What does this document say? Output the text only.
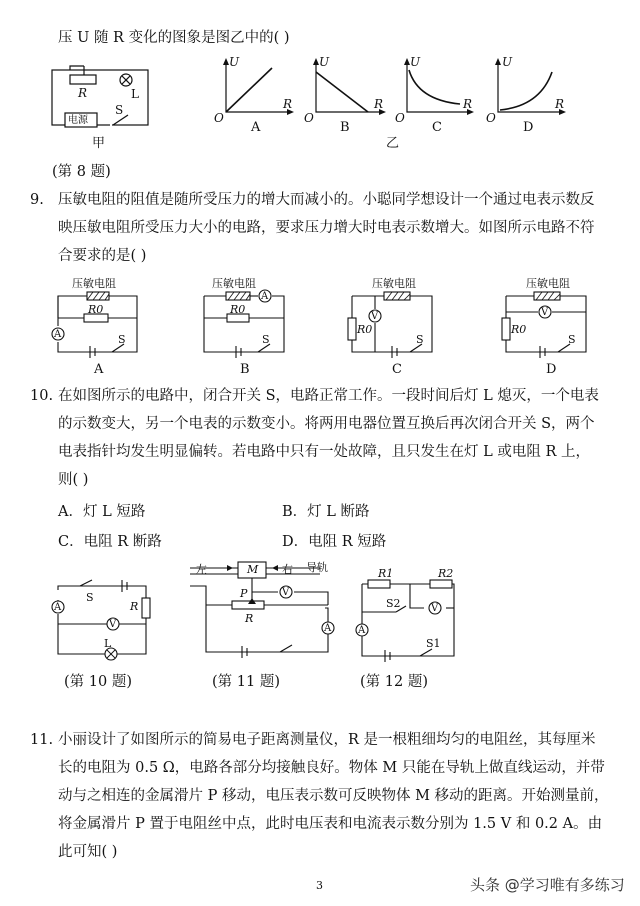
压 U 随 R 变化的图象是图乙中的( )
R	L
S
电源
甲
U
R
O
A
U
R
O
B
U
R
O
C
U
R
O
D
乙
(第 8 题)
9. 压敏电阻的阻值是随所受压力的增大而减小的。小聪同学想设计一个通过电表示数反
映压敏电阻所受压力大小的电路，要求压力增大时电表示数增大。如图所示电路不符
合要求的是( )
压敏电阻
R0
A	S
A
压敏电阻
R0
A
S
B
压敏电阻
R0
V
S
C
压敏电阻
R0
V
S
D
10. 在如图所示的电路中，闭合开关 S，电路正常工作。一段时间后灯 L 熄灭，一个电表
的示数变大，另一个电表的示数变小。将两用电器位置互换后再次闭合开关 S，两个
电表指针均发生明显偏转。若电路中只有一处故障，且只发生在灯 L 或电阻 R 上，
则( )
A．灯 L 短路	B．灯 L 断路
C．电阻 R 断路	D．电阻 R 短路
S
R
A
V
L
(第 10 题)
左	M 右 导轨
P
R
V
A
(第 11 题)
R1	R2
S2	V
A
S1
(第 12 题)
11. 小丽设计了如图所示的简易电子距离测量仪，R 是一根粗细均匀的电阻丝，其每厘米
长的电阻为 0.5 Ω，电路各部分均接触良好。物体 M 只能在导轨上做直线运动，并带
动与之相连的金属滑片 P 移动，电压表示数可反映物体 M 移动的距离。开始测量前，
将金属滑片 P 置于电阻丝中点，此时电压表和电流表示数分别为 1.5 V 和 0.2 A。由
此可知( )
3	头条 @学习唯有多练习
